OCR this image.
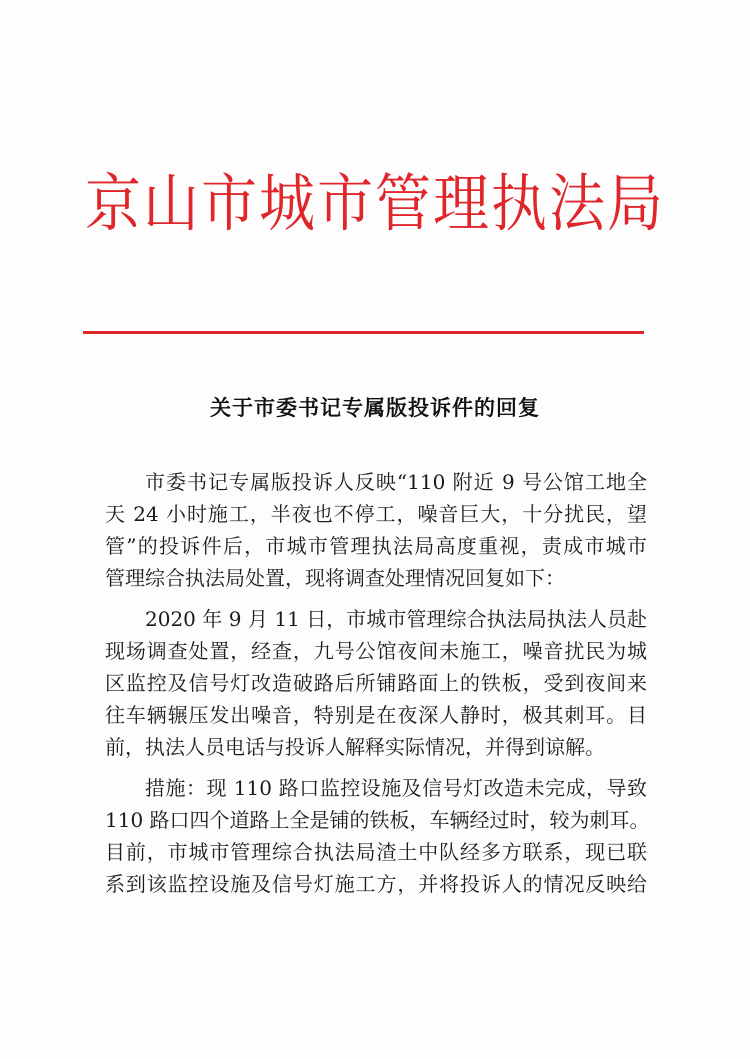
京山市城市管理执法局
关于市委书记专属版投诉件的回复
市委书记专属版投诉人反映“110 附近 9 号公馆工地全
天 24 小时施工，半夜也不停工，噪音巨大，十分扰民，望
管”的投诉件后，市城市管理执法局高度重视，责成市城市
管理综合执法局处置，现将调查处理情况回复如下：
2020 年 9 月 11 日，市城市管理综合执法局执法人员赴
现场调查处置，经查，九号公馆夜间未施工，噪音扰民为城
区监控及信号灯改造破路后所铺路面上的铁板，受到夜间来
往车辆辗压发出噪音，特别是在夜深人静时，极其刺耳。目
前，执法人员电话与投诉人解释实际情况，并得到谅解。
措施：现 110 路口监控设施及信号灯改造未完成，导致
110 路口四个道路上全是铺的铁板，车辆经过时，较为刺耳。
目前，市城市管理综合执法局渣土中队经多方联系，现已联
系到该监控设施及信号灯施工方，并将投诉人的情况反映给
